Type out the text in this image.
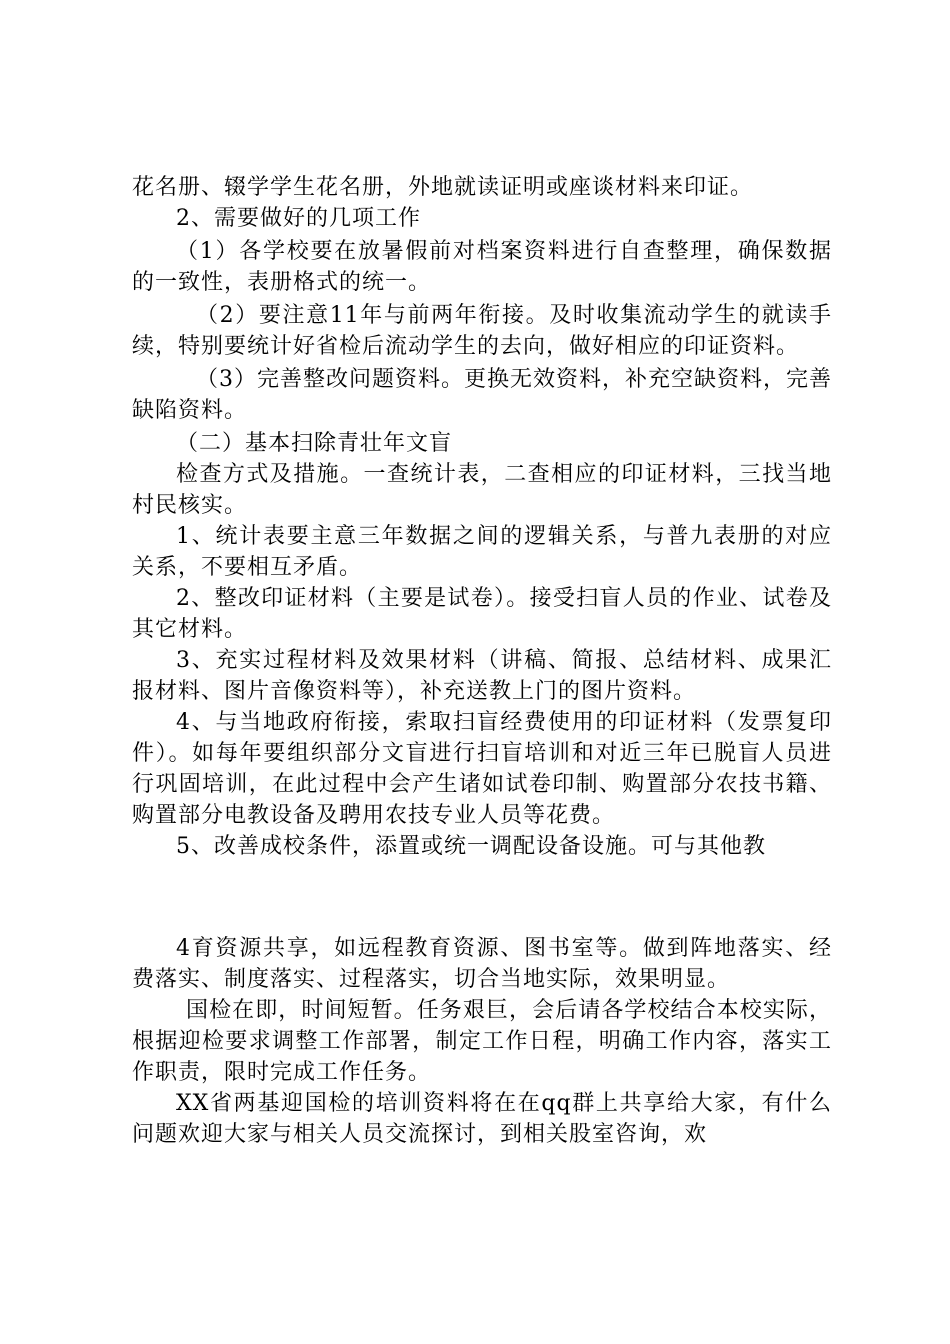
花名册、辍学学生花名册，外地就读证明或座谈材料来印证。

2、需要做好的几项工作

（1）各学校要在放暑假前对档案资料进行自查整理，确保数据的一致性，表册格式的统一。

（2）要注意11年与前两年衔接。及时收集流动学生的就读手续，特别要统计好省检后流动学生的去向，做好相应的印证资料。

（3）完善整改问题资料。更换无效资料，补充空缺资料，完善缺陷资料。

（二）基本扫除青壮年文盲

检查方式及措施。一查统计表，二查相应的印证材料，三找当地村民核实。

1、统计表要主意三年数据之间的逻辑关系，与普九表册的对应关系，不要相互矛盾。

2、整改印证材料（主要是试卷）。接受扫盲人员的作业、试卷及其它材料。

3、充实过程材料及效果材料（讲稿、简报、总结材料、成果汇报材料、图片音像资料等），补充送教上门的图片资料。

4、与当地政府衔接，索取扫盲经费使用的印证材料（发票复印件）。如每年要组织部分文盲进行扫盲培训和对近三年已脱盲人员进行巩固培训，在此过程中会产生诸如试卷印制、购置部分农技书籍、购置部分电教设备及聘用农技专业人员等花费。

5、改善成校条件，添置或统一调配设备设施。可与其他教

4育资源共享，如远程教育资源、图书室等。做到阵地落实、经费落实、制度落实、过程落实，切合当地实际，效果明显。

国检在即，时间短暂。任务艰巨，会后请各学校结合本校实际，根据迎检要求调整工作部署，制定工作日程，明确工作内容，落实工作职责，限时完成工作任务。

XX省两基迎国检的培训资料将在在qq群上共享给大家，有什么问题欢迎大家与相关人员交流探讨，到相关股室咨询，欢
